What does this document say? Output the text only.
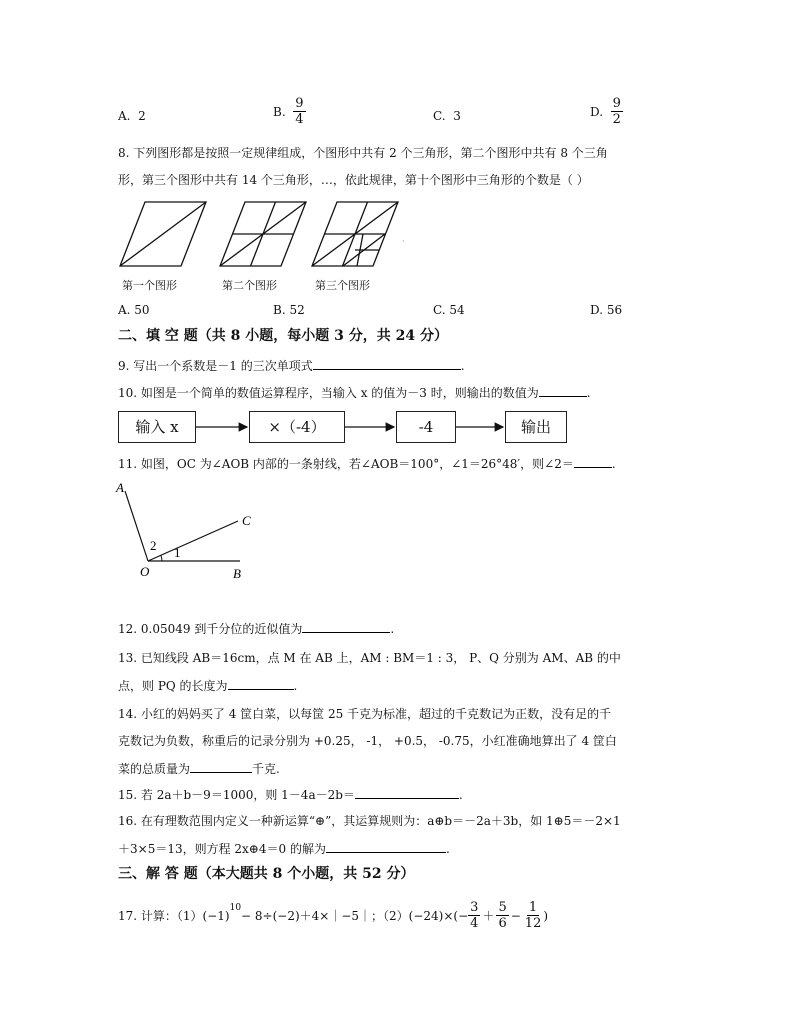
A. 2	B.
$\frac{9}{4}$	C. 3	D.
$\frac{9}{2}$
8. 下列图形都是按照一定规律组成，个图形中共有 2 个三角形，第二个图形中共有 8 个三角
形，第三个图形中共有 14 个三角形，…，依此规律，第十个图形中三角形的个数是（ ）
·
第一个图形	第二个图形	第三个图形
A. 50	B. 52	C. 54	D. 56
二、填 空 题（共 8 小题，每小题 3 分，共 24 分）
9. 写出一个系数是－1 的三次单项式	.
10. 如图是一个简单的数值运算程序，当输入 x 的值为－3 时，则输出的数值为	.
输入 x	×（-4）	-4	输出
11. 如图，OC 为∠AOB 内部的一条射线，若∠AOB＝100°，∠1＝26°48′，则∠2＝	.
A
C
O	B
1
2
12. 0.05049 到千分位的近似值为	.
13. 已知线段 AB＝16cm，点 M 在 AB 上，AM : BM＝1 : 3， P、Q 分别为 AM、AB 的中
点，则 PQ 的长度为	.
14. 小红的妈妈买了 4 筐白菜，以每筐 25 千克为标准，超过的千克数记为正数，没有足的千
克数记为负数，称重后的记录分别为 +0.25， -1， +0.5， -0.75，小红准确地算出了 4 筐白
菜的总质量为	千克.
15. 若 2a＋b－9＝1000，则 1－4a－2b＝	.
16. 在有理数范围内定义一种新运算“⊕”，其运算规则为：a⊕b＝－2a＋3b，如 1⊕5＝－2×1
＋3×5＝13，则方程 2x⊕4＝0 的解为	.
三、解 答 题（本大题共 8 个小题，共 52 分）
17. 计算：（1）(−1)
$^{10}$
− 8÷(−2)＋4×｜−5｜；$(2)(-24)\times(- \frac{3}{4} + \frac{5}{6} - \frac{1}{12}$ )
